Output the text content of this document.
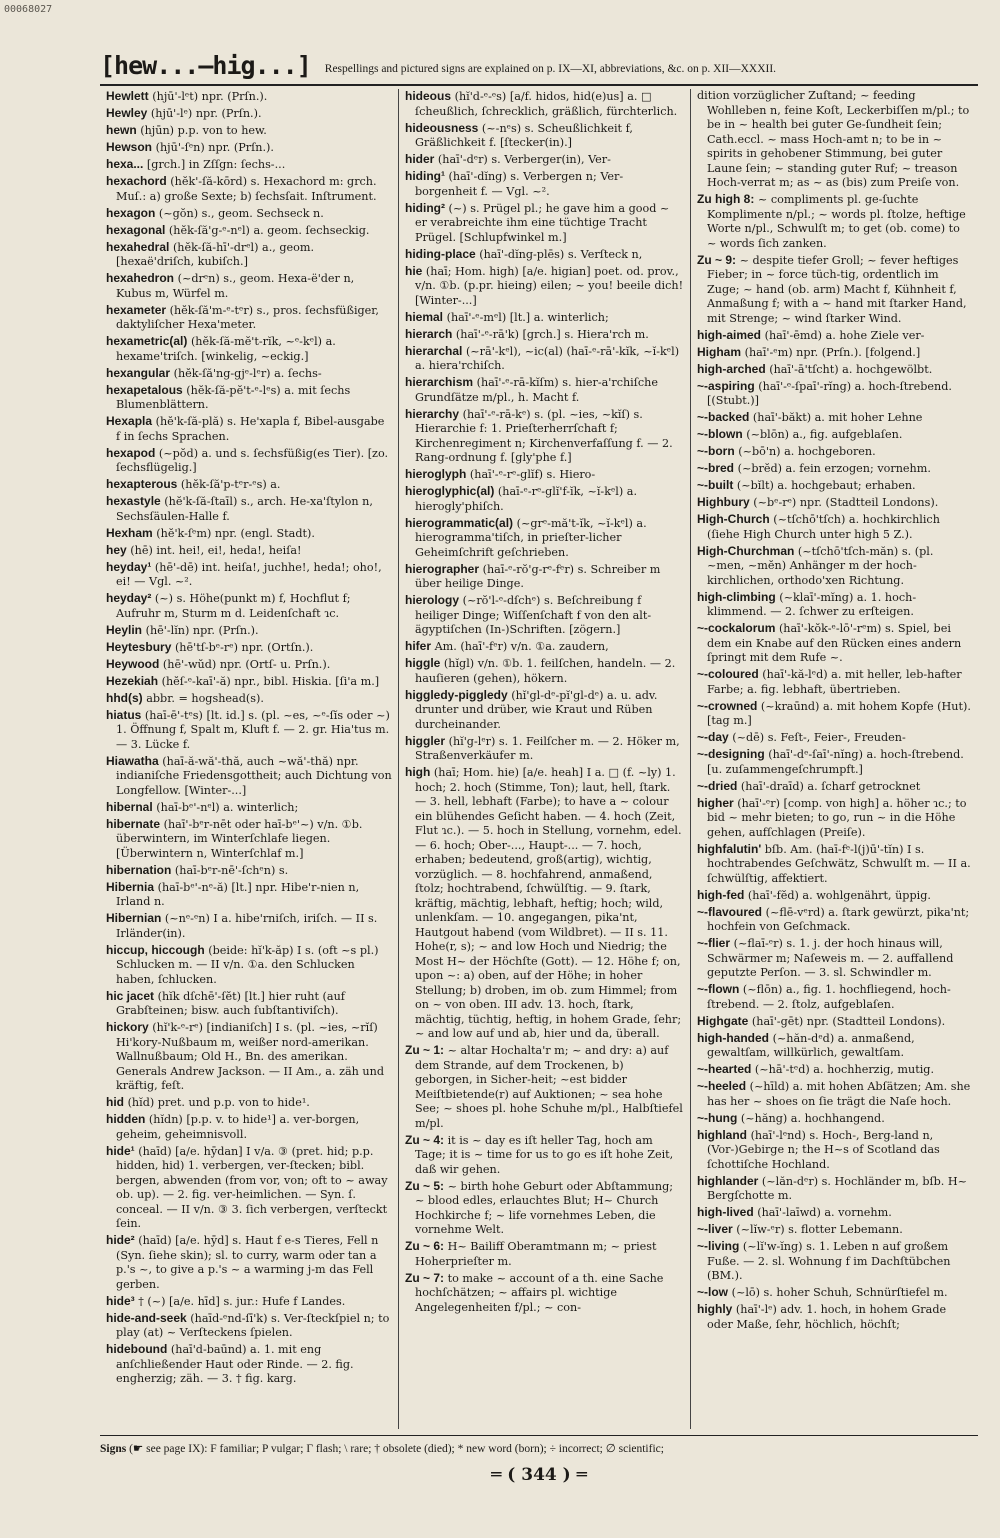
00068027
[hew...—hig...] Respellings and pictured signs are explained on p. IX—XI, abbreviations, &c. on p. XII—XXXII.
Hewlett (hjū'-lᵉt) npr. (Prſn.).
Hewley (hjū'-lᵉ) npr. (Prſn.).
hewn (hjūn) p.p. von to hew.
Hewson (hjū'-ſᵉn) npr. (Prſn.).
hexa... [grch.] in Zſſgn: ſechs-...
hexachord (hĕk'-ſă-kōrd) s. Hexachord m: grch. Muſ.: a) große Sexte; b) ſechsſait. Inſtrument.
hexagon (~gŏn) s., geom. Sechseck n.
hexagonal (hĕk-ſă'g-ᵉ-nᵉl) a. geom. ſechseckig.
hexahedral (hĕk-ſă-hī'-drᵉl) a., geom. [hexaë'driſch, kubiſch.]
hexahedron (~drᵉn) s., geom. Hexa-ë'der n, Kubus m, Würfel m.
hexameter (hĕk-ſă'm-ᵉ-tᵉr) s., pros. ſechsfüßiger, daktyliſcher Hexa'meter.
hexametric(al) (hĕk-ſă-mĕ't-rĭk, ~ᵉ-kᵉl) a. hexame'triſch. [winkelig, ~eckig.]
hexangular (hĕk-ſă'ng-gjᵉ-lᵉr) a. ſechs-
hexapetalous (hĕk-ſă-pĕ't-ᵉ-lᵉs) a. mit ſechs Blumenblättern.
Hexapla (hĕ'k-ſă-plă) s. He'xapla f, Bibel-ausgabe f in ſechs Sprachen.
hexapod (~pŏd) a. und s. ſechsfüßig(es Tier). [zo. ſechsflügelig.]
hexapterous (hĕk-ſă'p-tᵉr-ᵉs) a.
hexastyle (hĕ'k-ſă-ſtaīl) s., arch. He-xa'ſtylon n, Sechsſäulen-Halle f.
Hexham (hĕ'k-ſᵉm) npr. (engl. Stadt).
hey (hē) int. hei!, ei!, heda!, heiſa!
heyday¹ (hē'-dē) int. heiſa!, juchhe!, heda!; oho!, ei! — Vgl. ~².
heyday² (~) s. Höhe(punkt m) f, Hochflut f; Aufruhr m, Sturm m d. Leidenſchaft ɿc.
Heylin (hē'-lĭn) npr. (Prſn.).
Heytesbury (hē'tſ-bᵉ-rᵉ) npr. (Ortſn.).
Heywood (hē'-wŭd) npr. (Ortſ- u. Prſn.).
Hezekiah (hĕſ-ᵉ-kaī'-ă) npr., bibl. Hiskia. [ſi'a m.]
hhd(s) abbr. = hogshead(s).
hiatus (haī-ē'-tᵉs) [lt. id.] s. (pl. ~es, ~ᵉ-ſĭs oder ~) 1. Öffnung f, Spalt m, Kluft f. — 2. gr. Hia'tus m. — 3. Lücke f.
Hiawatha (haī-ă-wă'-thă, auch ~wă'-thă) npr. indianiſche Friedensgottheit; auch Dichtung von Longfellow. [Winter-...]
hibernal (haī-bᵉ'-nᵉl) a. winterlich;
hibernate (haī'-bᵉr-nēt oder haī-bᵉ'~) v/n. ①b. überwintern, im Winterſchlafe liegen. [Überwintern n, Winterſchlaf m.]
hibernation (haī-bᵉr-nē'-ſchᵉn) s.
Hibernia (haī-bᵉ'-nᵉ-ă) [lt.] npr. Hibe'r-nien n, Irland n.
Hibernian (~nᵉ-ᵉn) I a. hibe'rniſch, iriſch. — II s. Irländer(in).
hiccup, hiccough (beide: hĭ'k-ăp) I s. (oft ~s pl.) Schlucken m. — II v/n. ①a. den Schlucken haben, ſchlucken.
hic jacet (hĭk dſchē'-ſĕt) [lt.] hier ruht (auf Grabſteinen; bisw. auch ſubſtantiviſch).
hickory (hĭ'k-ᵉ-rᵉ) [indianiſch] I s. (pl. ~ies, ~rĭſ) Hi'kory-Nußbaum m, weißer nord-amerikan. Wallnußbaum; Old H., Bn. des amerikan. Generals Andrew Jackson. — II Am., a. zäh und kräftig, feſt.
hid (hĭd) pret. und p.p. von to hide¹.
hidden (hĭdn) [p.p. v. to hide¹] a. ver-borgen, geheim, geheimnisvoll.
hide¹ (haīd) [a/e. hȳdan] I v/a. ③ (pret. hid; p.p. hidden, hid) 1. verbergen, ver-ſtecken; bibl. bergen, abwenden (from vor, von; oft to ~ away ob. up). — 2. fig. ver-heimlichen. — Syn. ſ. conceal. — II v/n. ③ 3. ſich verbergen, verſteckt ſein.
hide² (haīd) [a/e. hȳd] s. Haut f e-s Tieres, Fell n (Syn. ſiehe skin); sl. to curry, warm oder tan a p.'s ~, to give a p.'s ~ a warming j-m das Fell gerben.
hide³ † (~) [a/e. hīd] s. jur.: Hufe f Landes.
hide-and-seek (haīd-ᵉnd-ſī'k) s. Ver-ſteckſpiel n; to play (at) ~ Verſteckens ſpielen.
hidebound (haī'd-baūnd) a. 1. mit eng anſchließender Haut oder Rinde. — 2. fig. engherzig; zäh. — 3. † fig. karg.
hideous (hĭ'd-ᵉ-ᵉs) [a/f. hidos, hid(e)us] a. □ ſcheußlich, ſchrecklich, gräßlich, fürchterlich.
hideousness (~-nᵉs) s. Scheußlichkeit f, Gräßlichkeit f. [ſtecker(in).]
hider (haī'-dᵉr) s. Verberger(in), Ver-
hiding¹ (haī'-dĭng) s. Verbergen n; Ver-borgenheit f. — Vgl. ~².
hiding² (~) s. Prügel pl.; he gave him a good ~ er verabreichte ihm eine tüchtige Tracht Prügel. [Schlupfwinkel m.]
hiding-place (haī'-dĭng-plēs) s. Verſteck n,
hie (haī; Hom. high) [a/e. higian] poet. od. prov., v/n. ①b. (p.pr. hieing) eilen; ~ you! beeile dich! [Winter-...]
hiemal (haī'-ᵉ-mᵉl) [lt.] a. winterlich;
hierarch (haī'-ᵉ-rā'k) [grch.] s. Hiera'rch m.
hierarchal (~rā'-kᵉl), ~ic(al) (haī-ᵉ-rā'-kĭk, ~ĭ-kᵉl) a. hiera'rchiſch.
hierarchism (haī'-ᵉ-rā-kĭſm) s. hier-a'rchiſche Grundſätze m/pl., h. Macht f.
hierarchy (haī'-ᵉ-rā-kᵉ) s. (pl. ~ies, ~kĭſ) s. Hierarchie f: 1. Prieſterherrſchaft f; Kirchenregiment n; Kirchenverfaſſung f. — 2. Rang-ordnung f. [gly'phe f.]
hieroglyph (haī'-ᵉ-rᵉ-glĭf) s. Hiero-
hieroglyphic(al) (haī-ᵉ-rᵉ-glĭ'f-ĭk, ~ĭ-kᵉl) a. hierogly'phiſch.
hierogrammatic(al) (~grᵉ-mă't-ĭk, ~ĭ-kᵉl) a. hierogramma'tiſch, in prieſter-licher Geheimſchrift geſchrieben.
hierographer (haī-ᵉ-rŏ'g-rᵉ-fᵉr) s. Schreiber m über heilige Dinge.
hierology (~rŏ'l-ᵉ-dſchᵉ) s. Beſchreibung f heiliger Dinge; Wiſſenſchaft f von den alt-ägyptiſchen (In-)Schriften. [zögern.]
hifer Am. (haī'-fᵉr) v/n. ①a. zaudern,
higgle (hĭgl) v/n. ①b. 1. feilſchen, handeln. — 2. hauſieren (gehen), hökern.
higgledy-piggledy (hĭ'gl-dᵉ-pĭ'gl-dᵉ) a. u. adv. drunter und drüber, wie Kraut und Rüben durcheinander.
higgler (hĭ'g-lᵉr) s. 1. Feilſcher m. — 2. Höker m, Straßenverkäufer m.
high (haī; Hom. hie) [a/e. heah] I a. □ (f. ~ly) 1. hoch; 2. hoch (Stimme, Ton); laut, hell, ſtark. — 3. hell, lebhaft (Farbe); to have a ~ colour ein blühendes Geſicht haben. — 4. hoch (Zeit, Flut ɿc.). — 5. hoch in Stellung, vornehm, edel. — 6. hoch; Ober-..., Haupt-... — 7. hoch, erhaben; bedeutend, groß(artig), wichtig, vorzüglich. — 8. hochfahrend, anmaßend, ſtolz; hochtrabend, ſchwülſtig. — 9. ſtark, kräftig, mächtig, lebhaft, heftig; hoch; wild, unlenkſam. — 10. angegangen, pika'nt, Hautgout habend (vom Wildbret). — II s. 11. Hohe(r, s); ~ and low Hoch und Niedrig; the Most H~ der Höchſte (Gott). — 12. Höhe f; on, upon ~: a) oben, auf der Höhe; in hoher Stellung; b) droben, im ob. zum Himmel; from on ~ von oben. III adv. 13. hoch, ſtark, mächtig, tüchtig, heftig, in hohem Grade, ſehr; ~ and low auf und ab, hier und da, überall.
Zu ~ 1: ~ altar Hochalta'r m; ~ and dry: a) auf dem Strande, auf dem Trockenen, b) geborgen, in Sicher-heit; ~est bidder Meiſtbietende(r) auf Auktionen; ~ sea hohe See; ~ shoes pl. hohe Schuhe m/pl., Halbſtiefel m/pl.
Zu ~ 4: it is ~ day es iſt heller Tag, hoch am Tage; it is ~ time for us to go es iſt hohe Zeit, daß wir gehen.
Zu ~ 5: ~ birth hohe Geburt oder Abſtammung; ~ blood edles, erlauchtes Blut; H~ Church Hochkirche f; ~ life vornehmes Leben, die vornehme Welt.
Zu ~ 6: H~ Bailiff Oberamtmann m; ~ priest Hoherprieſter m.
Zu ~ 7: to make ~ account of a th. eine Sache hochſchätzen; ~ affairs pl. wichtige Angelegenheiten f/pl.; ~ con-
dition vorzüglicher Zuſtand; ~ feeding Wohlleben n, feine Koſt, Leckerbiſſen m/pl.; to be in ~ health bei guter Ge-ſundheit ſein; Cath.eccl. ~ mass Hoch-amt n; to be in ~ spirits in gehobener Stimmung, bei guter Laune ſein; ~ standing guter Ruf; ~ treason Hoch-verrat m; as ~ as (bis) zum Preiſe von.
Zu high 8: ~ compliments pl. ge-ſuchte Komplimente n/pl.; ~ words pl. ſtolze, heftige Worte n/pl., Schwulſt m; to get (ob. come) to ~ words ſich zanken.
Zu ~ 9: ~ despite tiefer Groll; ~ fever heftiges Fieber; in ~ force tüch-tig, ordentlich im Zuge; ~ hand (ob. arm) Macht f, Kühnheit f, Anmaßung f; with a ~ hand mit ſtarker Hand, mit Strenge; ~ wind ſtarker Wind.
high-aimed (haī'-ēmd) a. hohe Ziele ver-
Higham (haī'-ᵉm) npr. (Prſn.). [folgend.]
high-arched (haī'-ā'tſcht) a. hochgewölbt.
~-aspiring (haī'-ᵉ-ſpaī'-rĭng) a. hoch-ſtrebend. [(Stubt.)]
~-backed (haī'-băkt) a. mit hoher Lehne
~-blown (~blōn) a., fig. aufgeblaſen.
~-born (~bō'n) a. hochgeboren.
~-bred (~brĕd) a. fein erzogen; vornehm.
~-built (~bĭlt) a. hochgebaut; erhaben.
Highbury (~bᵉ-rᵉ) npr. (Stadtteil Londons).
High-Church (~tſchō'tſch) a. hochkirchlich (ſiehe High Church unter high 5 Z.).
High-Churchman (~tſchō'tſch-măn) s. (pl. ~men, ~mĕn) Anhänger m der hoch-kirchlichen, orthodo'xen Richtung.
high-climbing (~klaī'-mĭng) a. 1. hoch-klimmend. — 2. ſchwer zu erſteigen.
~-cockalorum (haī'-kŏk-ᵉ-lō'-rᵉm) s. Spiel, bei dem ein Knabe auf den Rücken eines andern ſpringt mit dem Rufe ~.
~-coloured (haī'-kă-lᵉd) a. mit heller, leb-hafter Farbe; a. fig. lebhaft, übertrieben.
~-crowned (~kraūnd) a. mit hohem Kopfe (Hut). [tag m.]
~-day (~dē) s. Feſt-, Feier-, Freuden-
~-designing (haī'-dᵉ-ſaī'-nĭng) a. hoch-ſtrebend. [u. zuſammengeſchrumpft.]
~-dried (haī'-draīd) a. ſcharf getrocknet
higher (haī'-ᵉr) [comp. von high] a. höher ɿc.; to bid ~ mehr bieten; to go, run ~ in die Höhe gehen, aufſchlagen (Preiſe).
highfalutin' bſb. Am. (haī-fᵉ-l(j)ū'-tĭn) I s. hochtrabendes Geſchwätz, Schwulſt m. — II a. ſchwülſtig, affektiert.
high-fed (haī'-fĕd) a. wohlgenährt, üppig.
~-flavoured (~flē-vᵉrd) a. ſtark gewürzt, pika'nt; hochfein von Geſchmack.
~-flier (~flaī-ᵉr) s. 1. j. der hoch hinaus will, Schwärmer m; Naſeweis m. — 2. auffallend geputzte Perſon. — 3. sl. Schwindler m.
~-flown (~flōn) a., fig. 1. hochfliegend, hoch-ſtrebend. — 2. ſtolz, aufgeblaſen.
Highgate (haī'-gēt) npr. (Stadtteil Londons).
high-handed (~hăn-dᵉd) a. anmaßend, gewaltſam, willkürlich, gewaltſam.
~-hearted (~hā'-tᵉd) a. hochherzig, mutig.
~-heeled (~hīld) a. mit hohen Abſätzen; Am. she has her ~ shoes on ſie trägt die Naſe hoch.
~-hung (~hăng) a. hochhangend.
highland (haī'-lᵉnd) s. Hoch-, Berg-land n, (Vor-)Gebirge n; the H~s of Scotland das ſchottiſche Hochland.
highlander (~lăn-dᵉr) s. Hochländer m, bſb. H~ Bergſchotte m.
high-lived (haī'-laīwd) a. vornehm.
~-liver (~lĭw-ᵉr) s. flotter Lebemann.
~-living (~lĭ'w-ĭng) s. 1. Leben n auf großem Fuße. — 2. sl. Wohnung f im Dachſtübchen (BM.).
~-low (~lō) s. hoher Schuh, Schnürſtiefel m.
highly (haī'-lᵉ) adv. 1. hoch, in hohem Grade oder Maße, ſehr, höchlich, höchſt;
Signs (☛ see page IX): F familiar; P vulgar; Γ flash; \ rare; † obsolete (died); * new word (born); ÷ incorrect; ∅ scientific;
═ ( 344 ) ═
